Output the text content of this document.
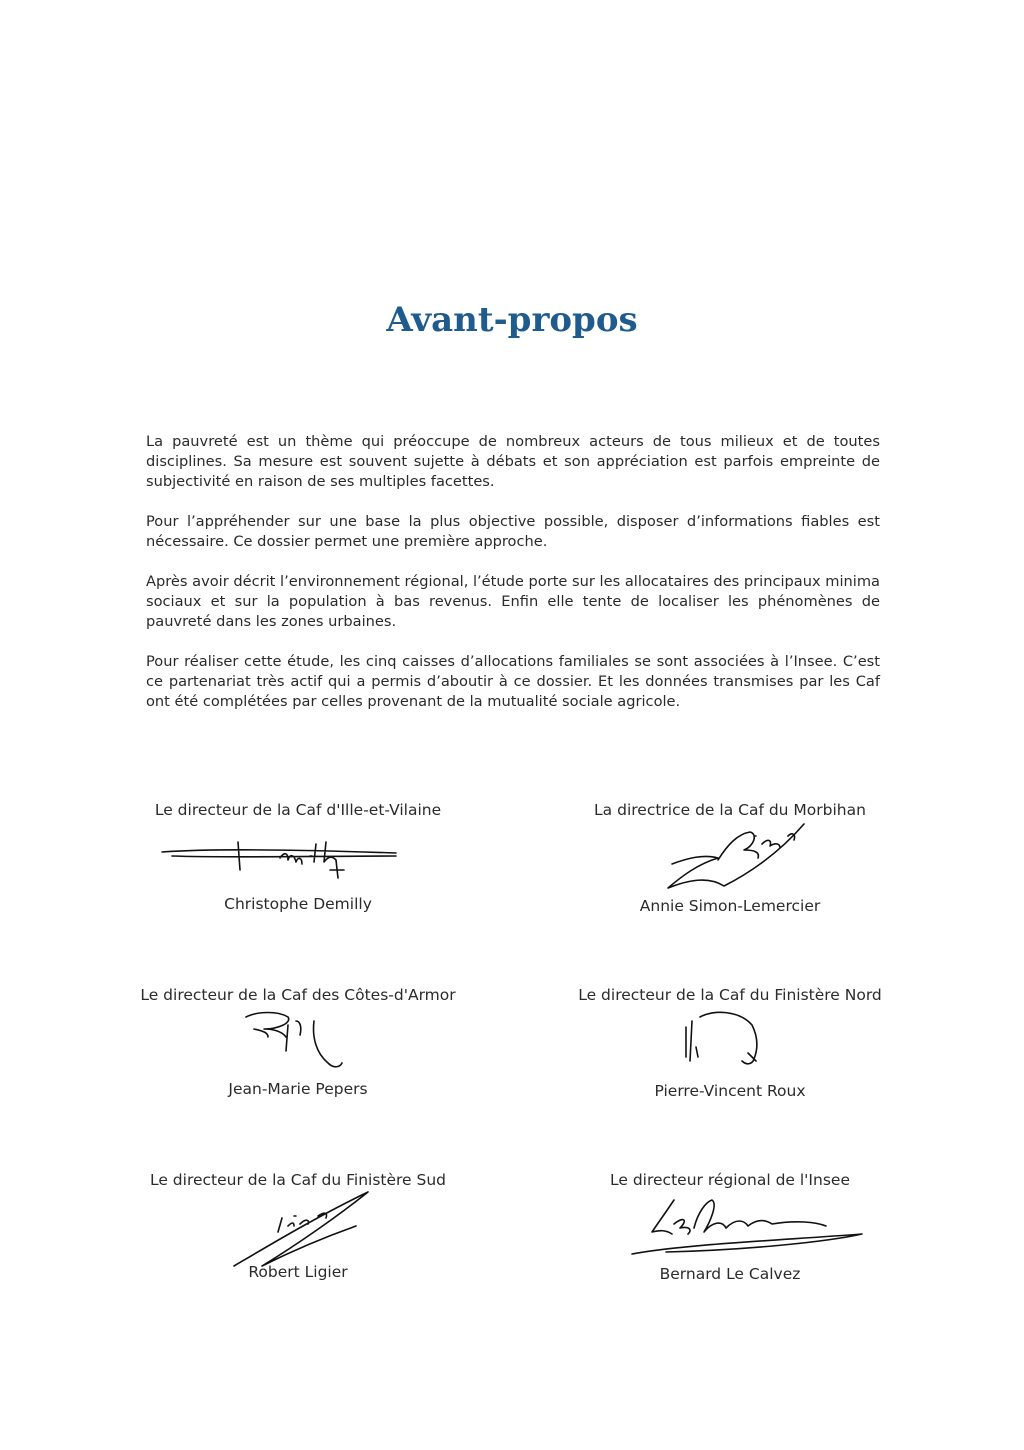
Avant-propos

La pauvreté est un thème qui préoccupe de nombreux acteurs de tous milieux et de toutes disciplines. Sa mesure est souvent sujette à débats et son appréciation est parfois empreinte de subjectivité en raison de ses multiples facettes.

Pour l’appréhender sur une base la plus objective possible, disposer d’informations fiables est nécessaire. Ce dossier permet une première approche.

Après avoir décrit l’environnement régional, l’étude porte sur les allocataires des principaux minima sociaux et sur la population à bas revenus. Enfin elle tente de localiser les phénomènes de pauvreté dans les zones urbaines.

Pour réaliser cette étude, les cinq caisses d’allocations familiales se sont associées à l’Insee. C’est ce partenariat très actif qui a permis d’aboutir à ce dossier. Et les données transmises par les Caf ont été complétées par celles provenant de la mutualité sociale agricole.

Le directeur de la Caf d'Ille-et-Vilaine
Christophe Demilly
La directrice de la Caf du Morbihan
Annie Simon-Lemercier
Le directeur de la Caf des Côtes-d'Armor
Jean-Marie Pepers
Le directeur de la Caf du Finistère Nord
Pierre-Vincent Roux
Le directeur de la Caf du Finistère Sud
Robert Ligier
Le directeur régional de l'Insee
Bernard Le Calvez
